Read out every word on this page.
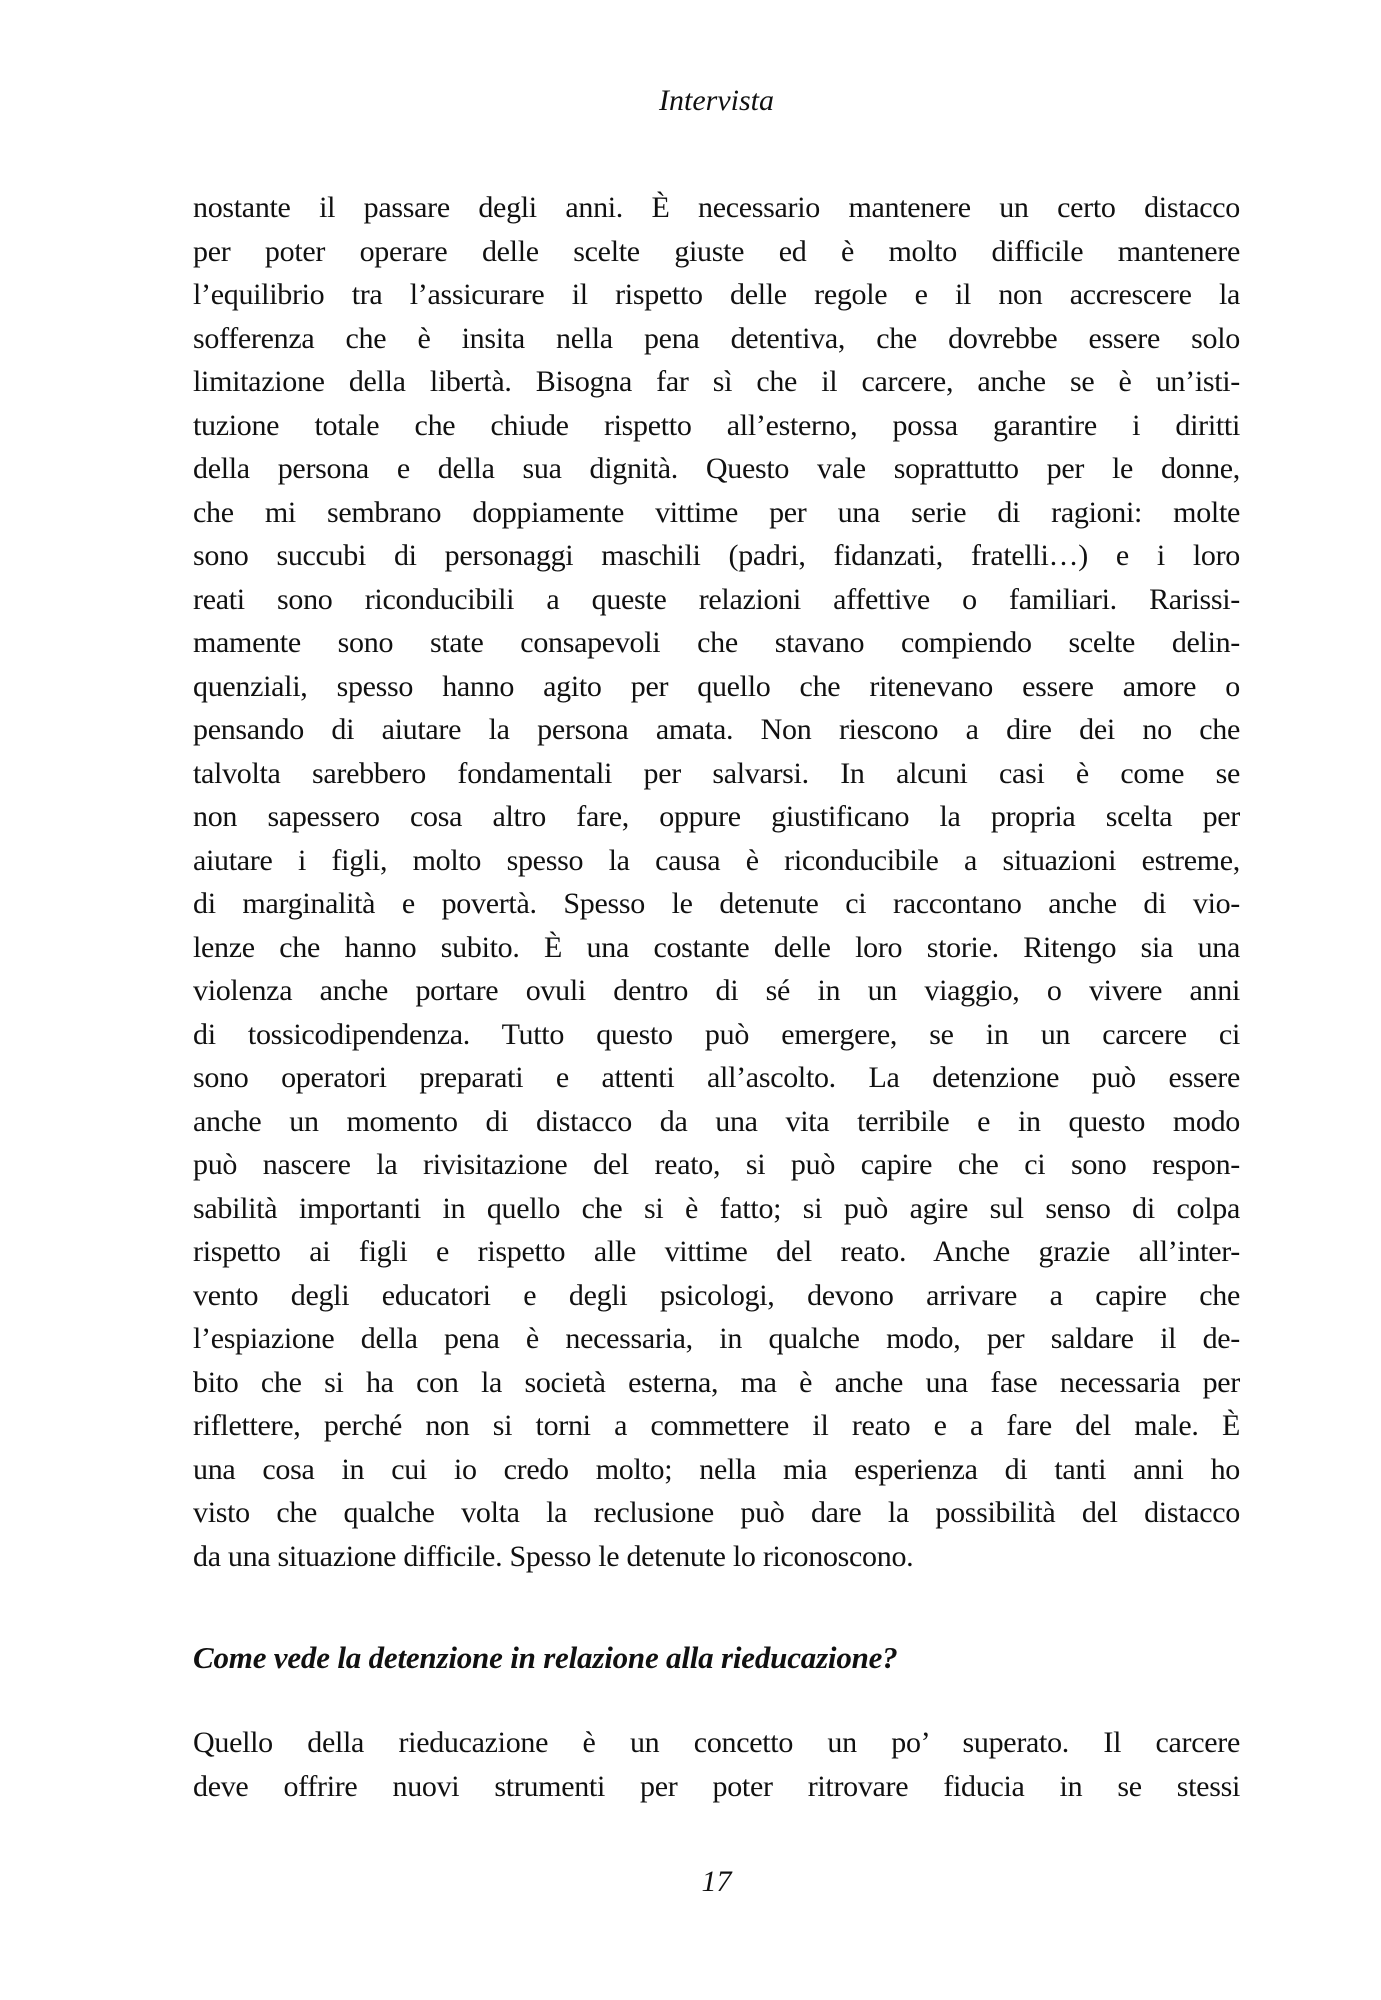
Intervista
nostante il passare degli anni. È necessario mantenere un certo distacco
per poter operare delle scelte giuste ed è molto difficile mantenere
l’equilibrio tra l’assicurare il rispetto delle regole e il non accrescere la
sofferenza che è insita nella pena detentiva, che dovrebbe essere solo
limitazione della libertà. Bisogna far sì che il carcere, anche se è un’isti-
tuzione totale che chiude rispetto all’esterno, possa garantire i diritti
della persona e della sua dignità. Questo vale soprattutto per le donne,
che mi sembrano doppiamente vittime per una serie di ragioni: molte
sono succubi di personaggi maschili (padri, fidanzati, fratelli…) e i loro
reati sono riconducibili a queste relazioni affettive o familiari. Rarissi-
mamente sono state consapevoli che stavano compiendo scelte delin-
quenziali, spesso hanno agito per quello che ritenevano essere amore o
pensando di aiutare la persona amata. Non riescono a dire dei no che
talvolta sarebbero fondamentali per salvarsi. In alcuni casi è come se
non sapessero cosa altro fare, oppure giustificano la propria scelta per
aiutare i figli, molto spesso la causa è riconducibile a situazioni estreme,
di marginalità e povertà. Spesso le detenute ci raccontano anche di vio-
lenze che hanno subito. È una costante delle loro storie. Ritengo sia una
violenza anche portare ovuli dentro di sé in un viaggio, o vivere anni
di tossicodipendenza. Tutto questo può emergere, se in un carcere ci
sono operatori preparati e attenti all’ascolto. La detenzione può essere
anche un momento di distacco da una vita terribile e in questo modo
può nascere la rivisitazione del reato, si può capire che ci sono respon-
sabilità importanti in quello che si è fatto; si può agire sul senso di colpa
rispetto ai figli e rispetto alle vittime del reato. Anche grazie all’inter-
vento degli educatori e degli psicologi, devono arrivare a capire che
l’espiazione della pena è necessaria, in qualche modo, per saldare il de-
bito che si ha con la società esterna, ma è anche una fase necessaria per
riflettere, perché non si torni a commettere il reato e a fare del male. È
una cosa in cui io credo molto; nella mia esperienza di tanti anni ho
visto che qualche volta la reclusione può dare la possibilità del distacco
da una situazione difficile. Spesso le detenute lo riconoscono.
Come vede la detenzione in relazione alla rieducazione?
Quello della rieducazione è un concetto un po’ superato. Il carcere
deve offrire nuovi strumenti per poter ritrovare fiducia in se stessi
17
